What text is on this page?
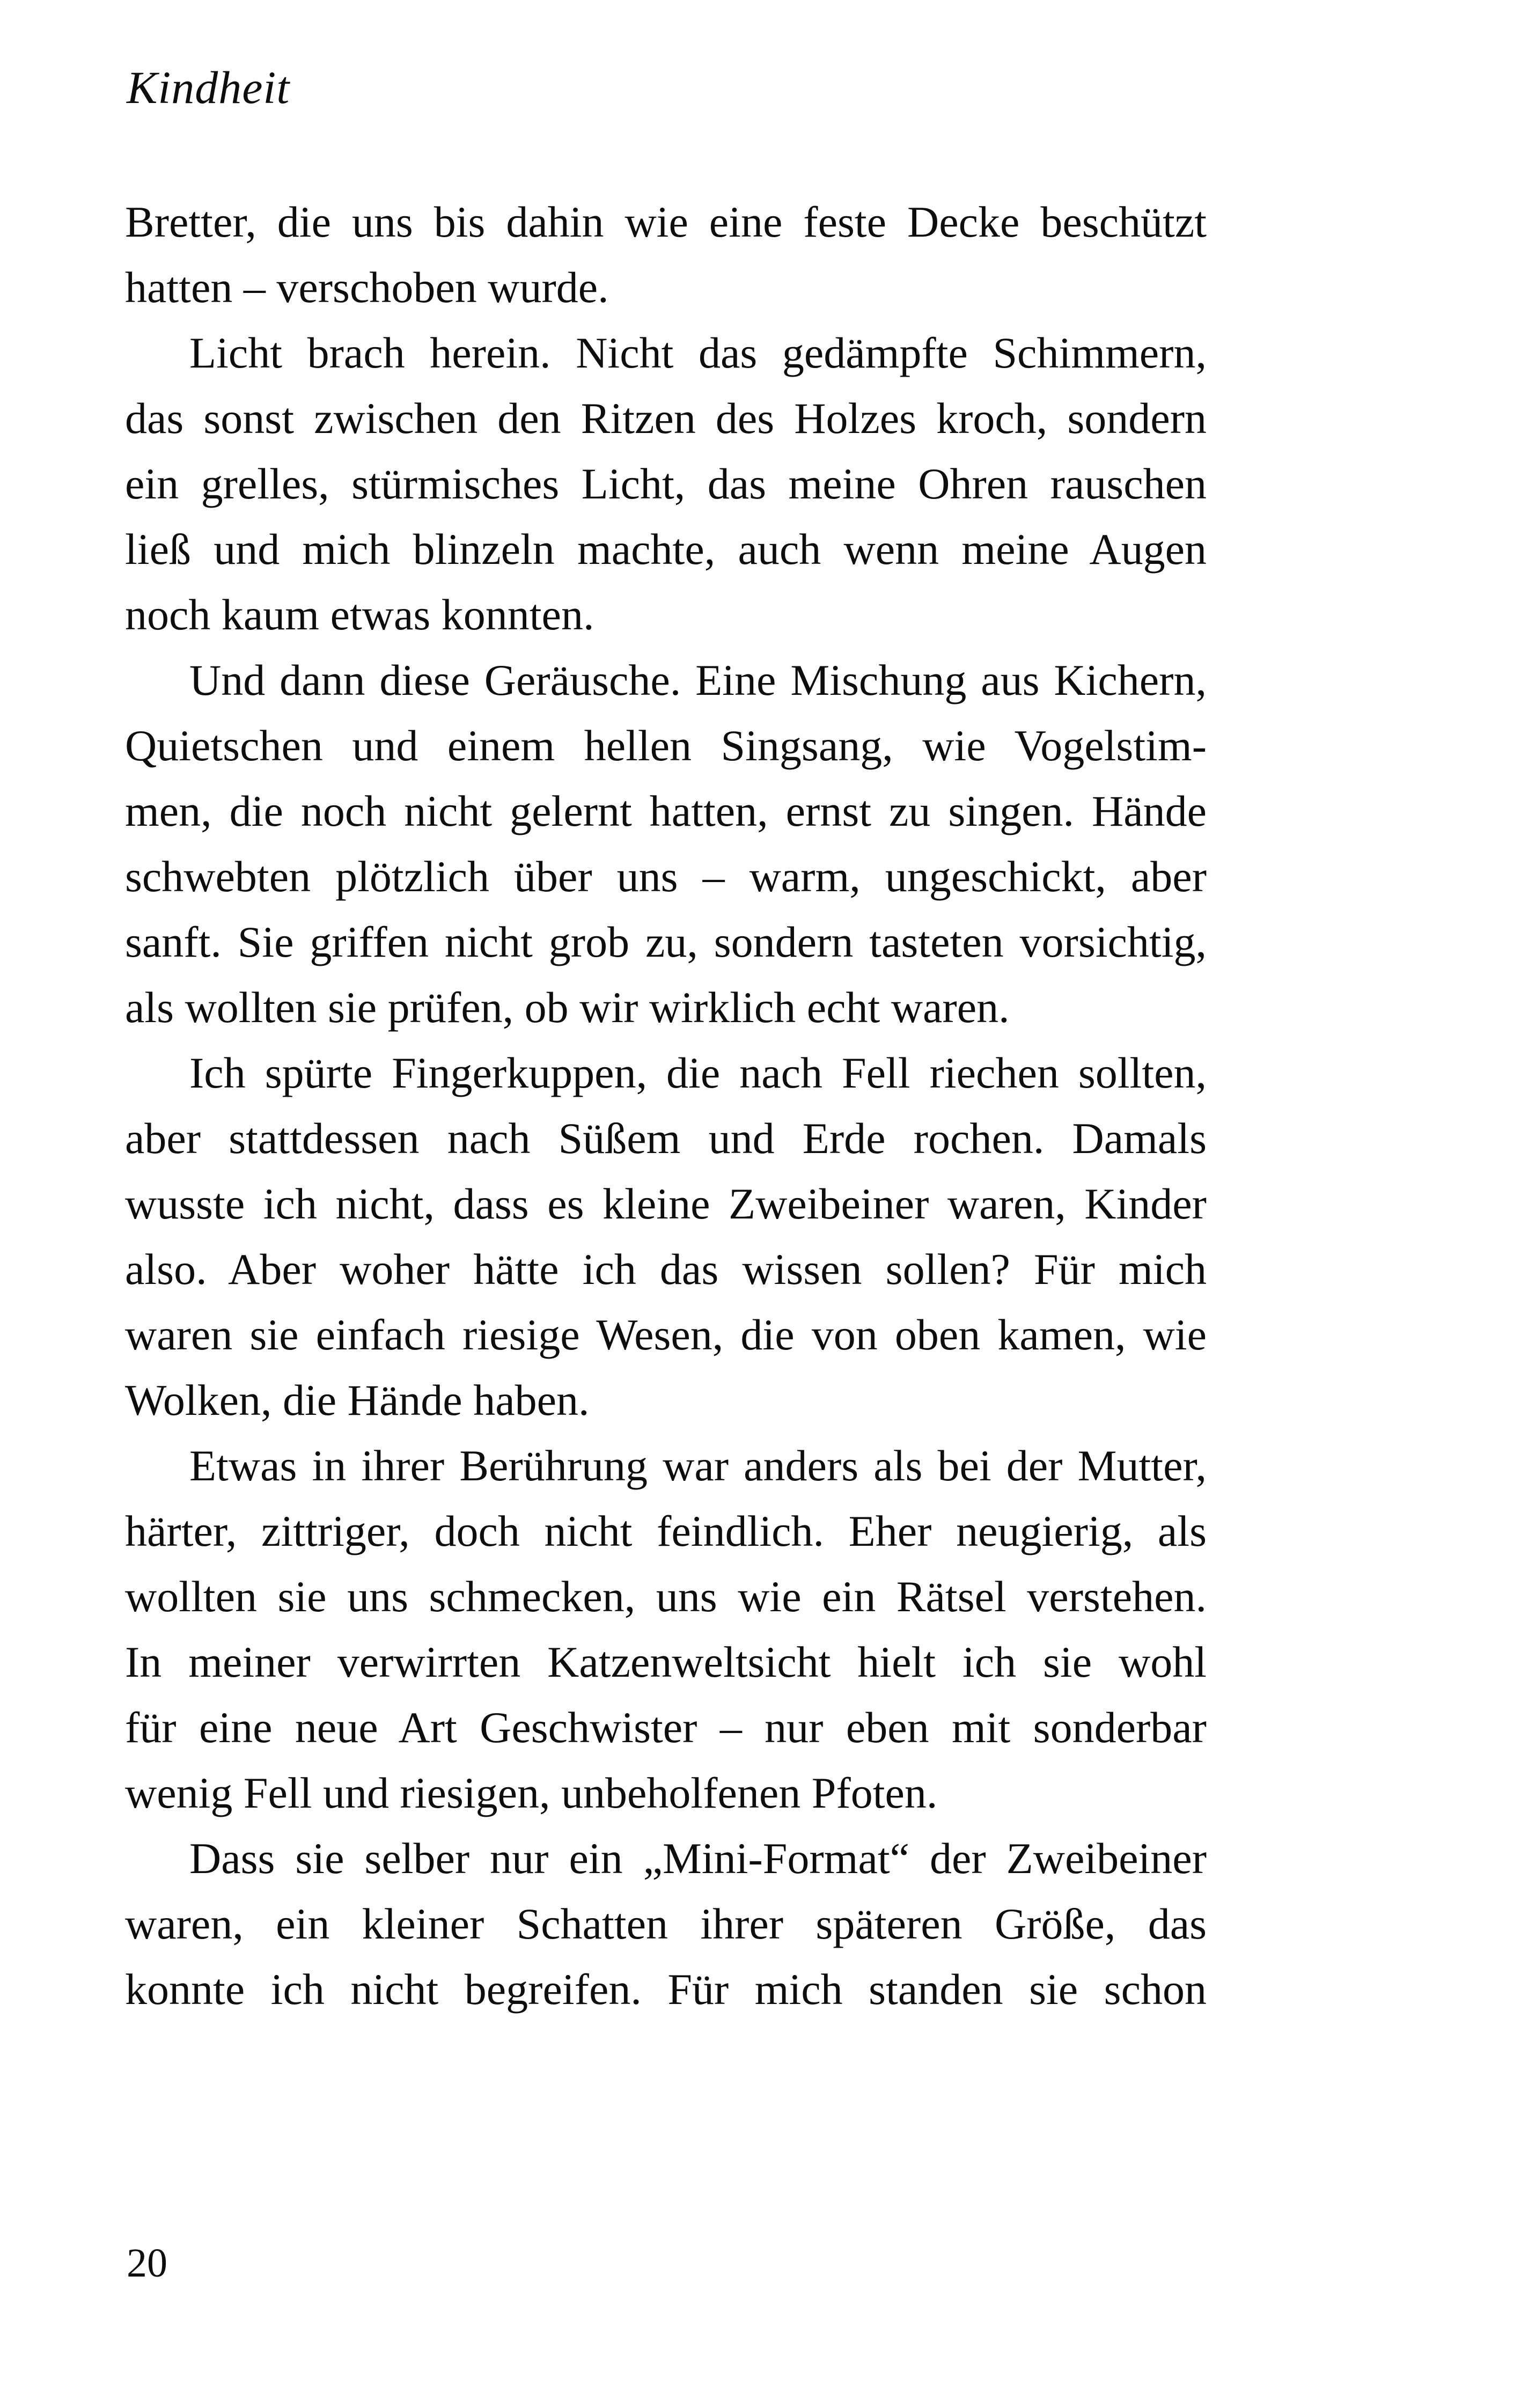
Kindheit
Bretter, die uns bis dahin wie eine feste Decke beschützt
hatten – verschoben wurde.
Licht brach herein. Nicht das gedämpfte Schimmern,
das sonst zwischen den Ritzen des Holzes kroch, sondern
ein grelles, stürmisches Licht, das meine Ohren rauschen
ließ und mich blinzeln machte, auch wenn meine Augen
noch kaum etwas konnten.
Und dann diese Geräusche. Eine Mischung aus Kichern,
Quietschen und einem hellen Singsang, wie Vogelstim-
men, die noch nicht gelernt hatten, ernst zu singen. Hände
schwebten plötzlich über uns – warm, ungeschickt, aber
sanft. Sie griffen nicht grob zu, sondern tasteten vorsichtig,
als wollten sie prüfen, ob wir wirklich echt waren.
Ich spürte Fingerkuppen, die nach Fell riechen sollten,
aber stattdessen nach Süßem und Erde rochen. Damals
wusste ich nicht, dass es kleine Zweibeiner waren, Kinder
also. Aber woher hätte ich das wissen sollen? Für mich
waren sie einfach riesige Wesen, die von oben kamen, wie
Wolken, die Hände haben.
Etwas in ihrer Berührung war anders als bei der Mutter,
härter, zittriger, doch nicht feindlich. Eher neugierig, als
wollten sie uns schmecken, uns wie ein Rätsel verstehen.
In meiner verwirrten Katzenweltsicht hielt ich sie wohl
für eine neue Art Geschwister – nur eben mit sonderbar
wenig Fell und riesigen, unbeholfenen Pfoten.
Dass sie selber nur ein „Mini-Format“ der Zweibeiner
waren, ein kleiner Schatten ihrer späteren Größe, das
konnte ich nicht begreifen. Für mich standen sie schon
20
